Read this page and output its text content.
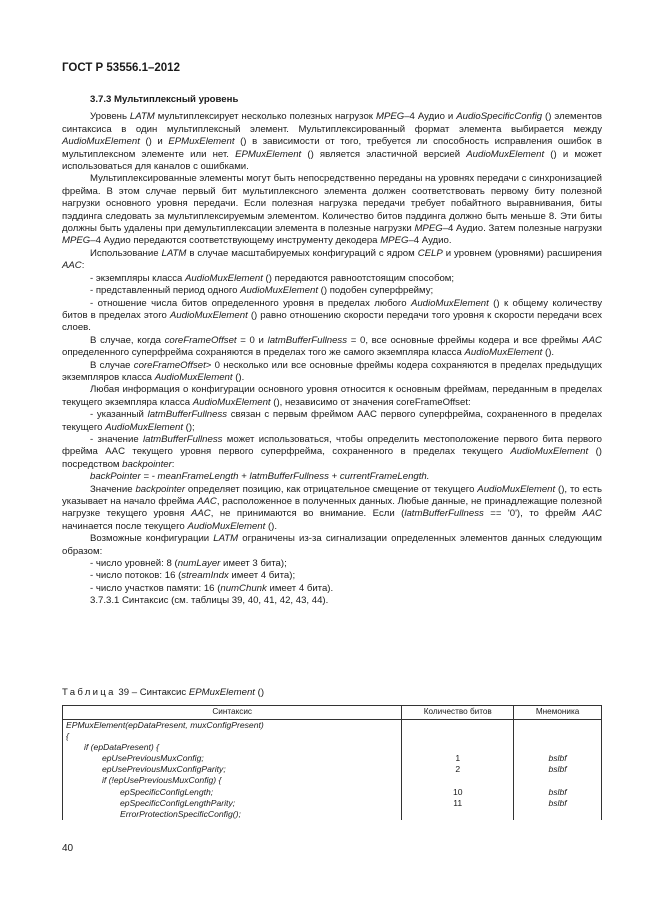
ГОСТ Р 53556.1–2012
3.7.3 Мультиплексный уровень
Уровень LATM мультиплексирует несколько полезных нагрузок MPEG–4 Аудио и AudioSpecificConfig () элементов синтаксиса в один мультиплексный элемент. Мультиплексированный формат элемента выбирается между AudioMuxElement () и EPMuxElement () в зависимости от того, требуется ли способность исправления ошибок в мультиплексном элементе или нет. EPMuxElement () является эластичной версией AudioMuxElement () и может использоваться для каналов с ошибками.
Мультиплексированные элементы могут быть непосредственно переданы на уровнях передачи с синхронизацией фрейма. В этом случае первый бит мультиплексного элемента должен соответствовать первому биту полезной нагрузки основного уровня передачи. Если полезная нагрузка передачи требует побайтного выравнивания, биты пэддинга следовать за мультиплексируемым элементом. Количество битов пэддинга должно быть меньше 8. Эти биты должны быть удалены при демультиплексации элемента в полезные нагрузки MPEG–4 Аудио. Затем полезные нагрузки MPEG–4 Аудио передаются соответствующему инструменту декодера MPEG–4 Аудио.
Использование LATM в случае масштабируемых конфигураций с ядром CELP и уровнем (уровнями) расширения AAC:
- экземпляры класса AudioMuxElement () передаются равноотстоящим способом;
- представленный период одного AudioMuxElement () подобен суперфрейму;
- отношение числа битов определенного уровня в пределах любого AudioMuxElement () к общему количеству битов в пределах этого AudioMuxElement () равно отношению скорости передачи того уровня к скорости передачи всех слоев.
В случае, когда coreFrameOffset = 0 и latmBufferFullness = 0, все основные фреймы кодера и все фреймы AAC определенного суперфрейма сохраняются в пределах того же самого экземпляра класса AudioMuxElement ().
В случае coreFrameOffset> 0 несколько или все основные фреймы кодера сохраняются в пределах предыдущих экземпляров класса AudioMuxElement ().
Любая информация о конфигурации основного уровня относится к основным фреймам, переданным в пределах текущего экземпляра класса AudioMuxElement (), независимо от значения coreFrameOffset:
- указанный latmBufferFullness связан с первым фреймом AAC первого суперфрейма, сохраненного в пределах текущего AudioMuxElement ();
- значение latmBufferFullness может использоваться, чтобы определить местоположение первого бита первого фрейма AAC текущего уровня первого суперфрейма, сохраненного в пределах текущего AudioMuxElement () посредством backpointer:
backPointer = - meanFrameLength + latmBufferFullness + currentFrameLength.
Значение backpointer определяет позицию, как отрицательное смещение от текущего AudioMuxElement (), то есть указывает на начало фрейма AAC, расположенное в полученных данных. Любые данные, не принадлежащие полезной нагрузке текущего уровня AAC, не принимаются во внимание. Если (latmBufferFullness == '0'), то фрейм AAC начинается после текущего AudioMuxElement ().
Возможные конфигурации LATM ограничены из-за сигнализации определенных элементов данных следующим образом:
- число уровней: 8 (numLayer имеет 3 бита);
- число потоков: 16 (streamIndx имеет 4 бита);
- число участков памяти: 16 (numChunk имеет 4 бита).
3.7.3.1 Синтаксис (см. таблицы 39, 40, 41, 42, 43, 44).
Таблица 39 – Синтаксис EPMuxElement ()
Синтаксис	Количество битов	Мнемоника
EPMuxElement(epDataPresent, muxConfigPresent)		
{		
if (epDataPresent) {		
epUsePreviousMuxConfig;	1	bslbf
epUsePreviousMuxConfigParity;	2	bslbf
if (!epUsePreviousMuxConfig) {		
epSpecificConfigLength;	10	bslbf
epSpecificConfigLengthParity;	11	bslbf
ErrorProtectionSpecificConfig();		
40
